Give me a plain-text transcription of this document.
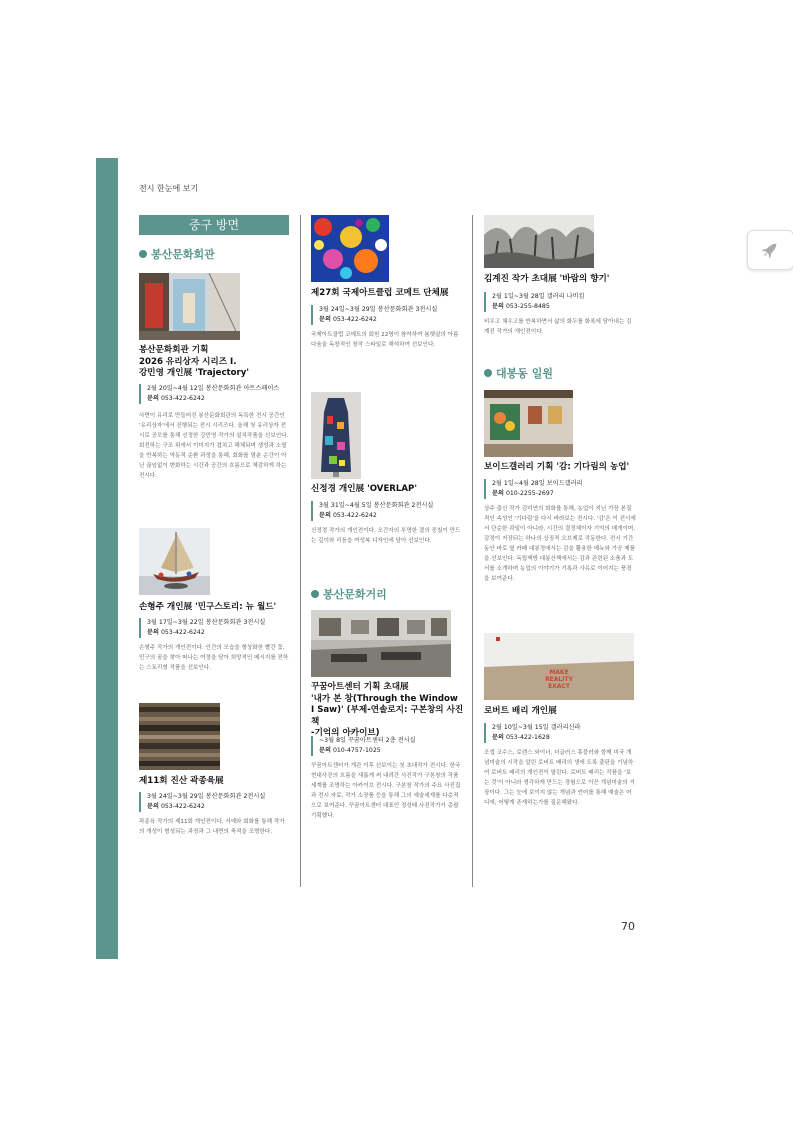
전시 한눈에 보기
70
중구 방면
봉산문화회관
봉산문화회관 기획
2026 유리상자 시리즈 Ⅰ.
강민영 개인展 'Trajectory'
2월 20일~4월 12일 봉산문화회관 아트스페이스
문의 053-422-6242
사면이 유리로 만들어진 봉산문화회관의 독특한 전시 공간인 '유리상자'에서 진행되는 전시 시리즈다. 올해 첫 유리상자 전시로 공모를 통해 선정한 강민영 작가의 설치작품을 선보인다. 회전하는 구조 위에서 이미지가 겹치고 해체되며 생성과 소멸을 반복하는 역동적 순환 과정을 통해, 회화를 멈춘 순간이 아닌 끊임없이 변화하는 시간과 공간의 흐름으로 체감하게 하는 전시다.
손형주 개인展 '민구스토리: 뉴 월드'
3월 17일~3월 22일 봉산문화회관 3전시실
문의 053-422-6242
손형주 작가의 개인전이다. 인간의 모습을 형상화한 빨간 꽃, 민구의 꿈을 찾아 떠나는 여정을 담아 희망적인 메시지를 전하는 스토리형 작품을 선보인다.
제11회 진산 곽종육展
3월 24일~3월 29일 봉산문화회관 2전시실
문의 053-422-6242
곽종육 작가의 제11회 개인전이다. 서예와 회화를 통해 작가의 개성이 형성되는 과정과 그 내면의 축적을 조명한다.
제27회 국제아트클럽 코메트 단체展
3월 24일~3월 29일 봉산문화회관 3전시실
문의 053-422-6242
국제아트클럽 코메트의 회원 22명이 참여하여 봄햇살의 아름다움을 독창적인 창작 스타일로 해석하여 선보인다.
신정경 개인展 'OVERLAP'
3월 31일~4월 5일 봉산문화회관 2전시실
문의 053-422-6242
신정경 작가의 개인전이다. 오간자의 투명한 결의 중첩이 만드는 깊이와 리듬을 여성복 디자인에 담아 선보인다.
봉산문화거리
꾸꿈아트센터 기획 초대展
'내가 본 창(Through the Window
I Saw)' (부제-연솔로지: 구본창의 사진책
-기억의 아카이브)
~3월 8일 꾸꿈아트센터 2층 전시실
문의 010-4757-1025
꾸꿈아트센터가 개관 이후 선보이는 첫 초대작가 전시다. 한국 현대사진의 흐름을 새롭게 써 내려간 사진작가 구본창의 작품세계를 조명하는 아카이브 전시다. 구본창 작가의 주요 사진집과 전시 자료, 작가 소장품 등을 통해 그의 예술세계를 다층적으로 보여준다. 꾸꿈아트센터 대표인 정성태 사진작가가 총괄 기획했다.
김계진 작가 초대展 '바람의 향기'
2월 1일~3월 28일 갤러리 나비킴
문의 053-255-8485
비우고 채우고를 반복하면서 삶의 화두를 화폭에 담아내는 김계진 작가의 개인전이다.
대봉동 일원
보이드갤러리 기획 '감: 기다림의 농업'
2월 1일~4월 28일 보이드갤러리
문의 010-2255-2697
상주 출신 작가 김미연의 회화를 통해, 농업이 지닌 가장 본질적인 속성인 '기다림'을 다시 바라보는 전시다. '감'은 이 전시에서 단순한 과일이 아니라, 시간의 결정체이자 기억의 매개이며, 감정이 저장되는 하나의 상징적 오브제로 작동한다. 전시 기간 동안 바로 옆 카페 대봉정에서는 감을 활용한 메뉴와 가공 제품을 선보인다. 독립책방 대봉산책에서는 감과 관련된 소품과 도서를 소개하며 농업의 이야기가 기록과 사유로 이어지는 풍경을 보여준다.
MAKE
REALITY
EXACT
로버트 배리 개인展
2월 10일~3월 15일 갤러리신라
문의 053-422-1628
조셉 코수스, 로렌스 와이너, 더글러스 휴블러와 함께 미국 개념미술의 시작을 알린 로버트 배리의 생애 도록 출판을 기념하여 로버트 배리의 개인전이 열린다. 로버트 배리는 작품을 '보는 것'이 아니라 생각하게 만드는 경험으로 이끈 개념미술의 거장이다. 그는 눈에 보이지 않는 개념과 언어를 통해 예술은 어디에, 어떻게 존재하는가를 질문해왔다.
